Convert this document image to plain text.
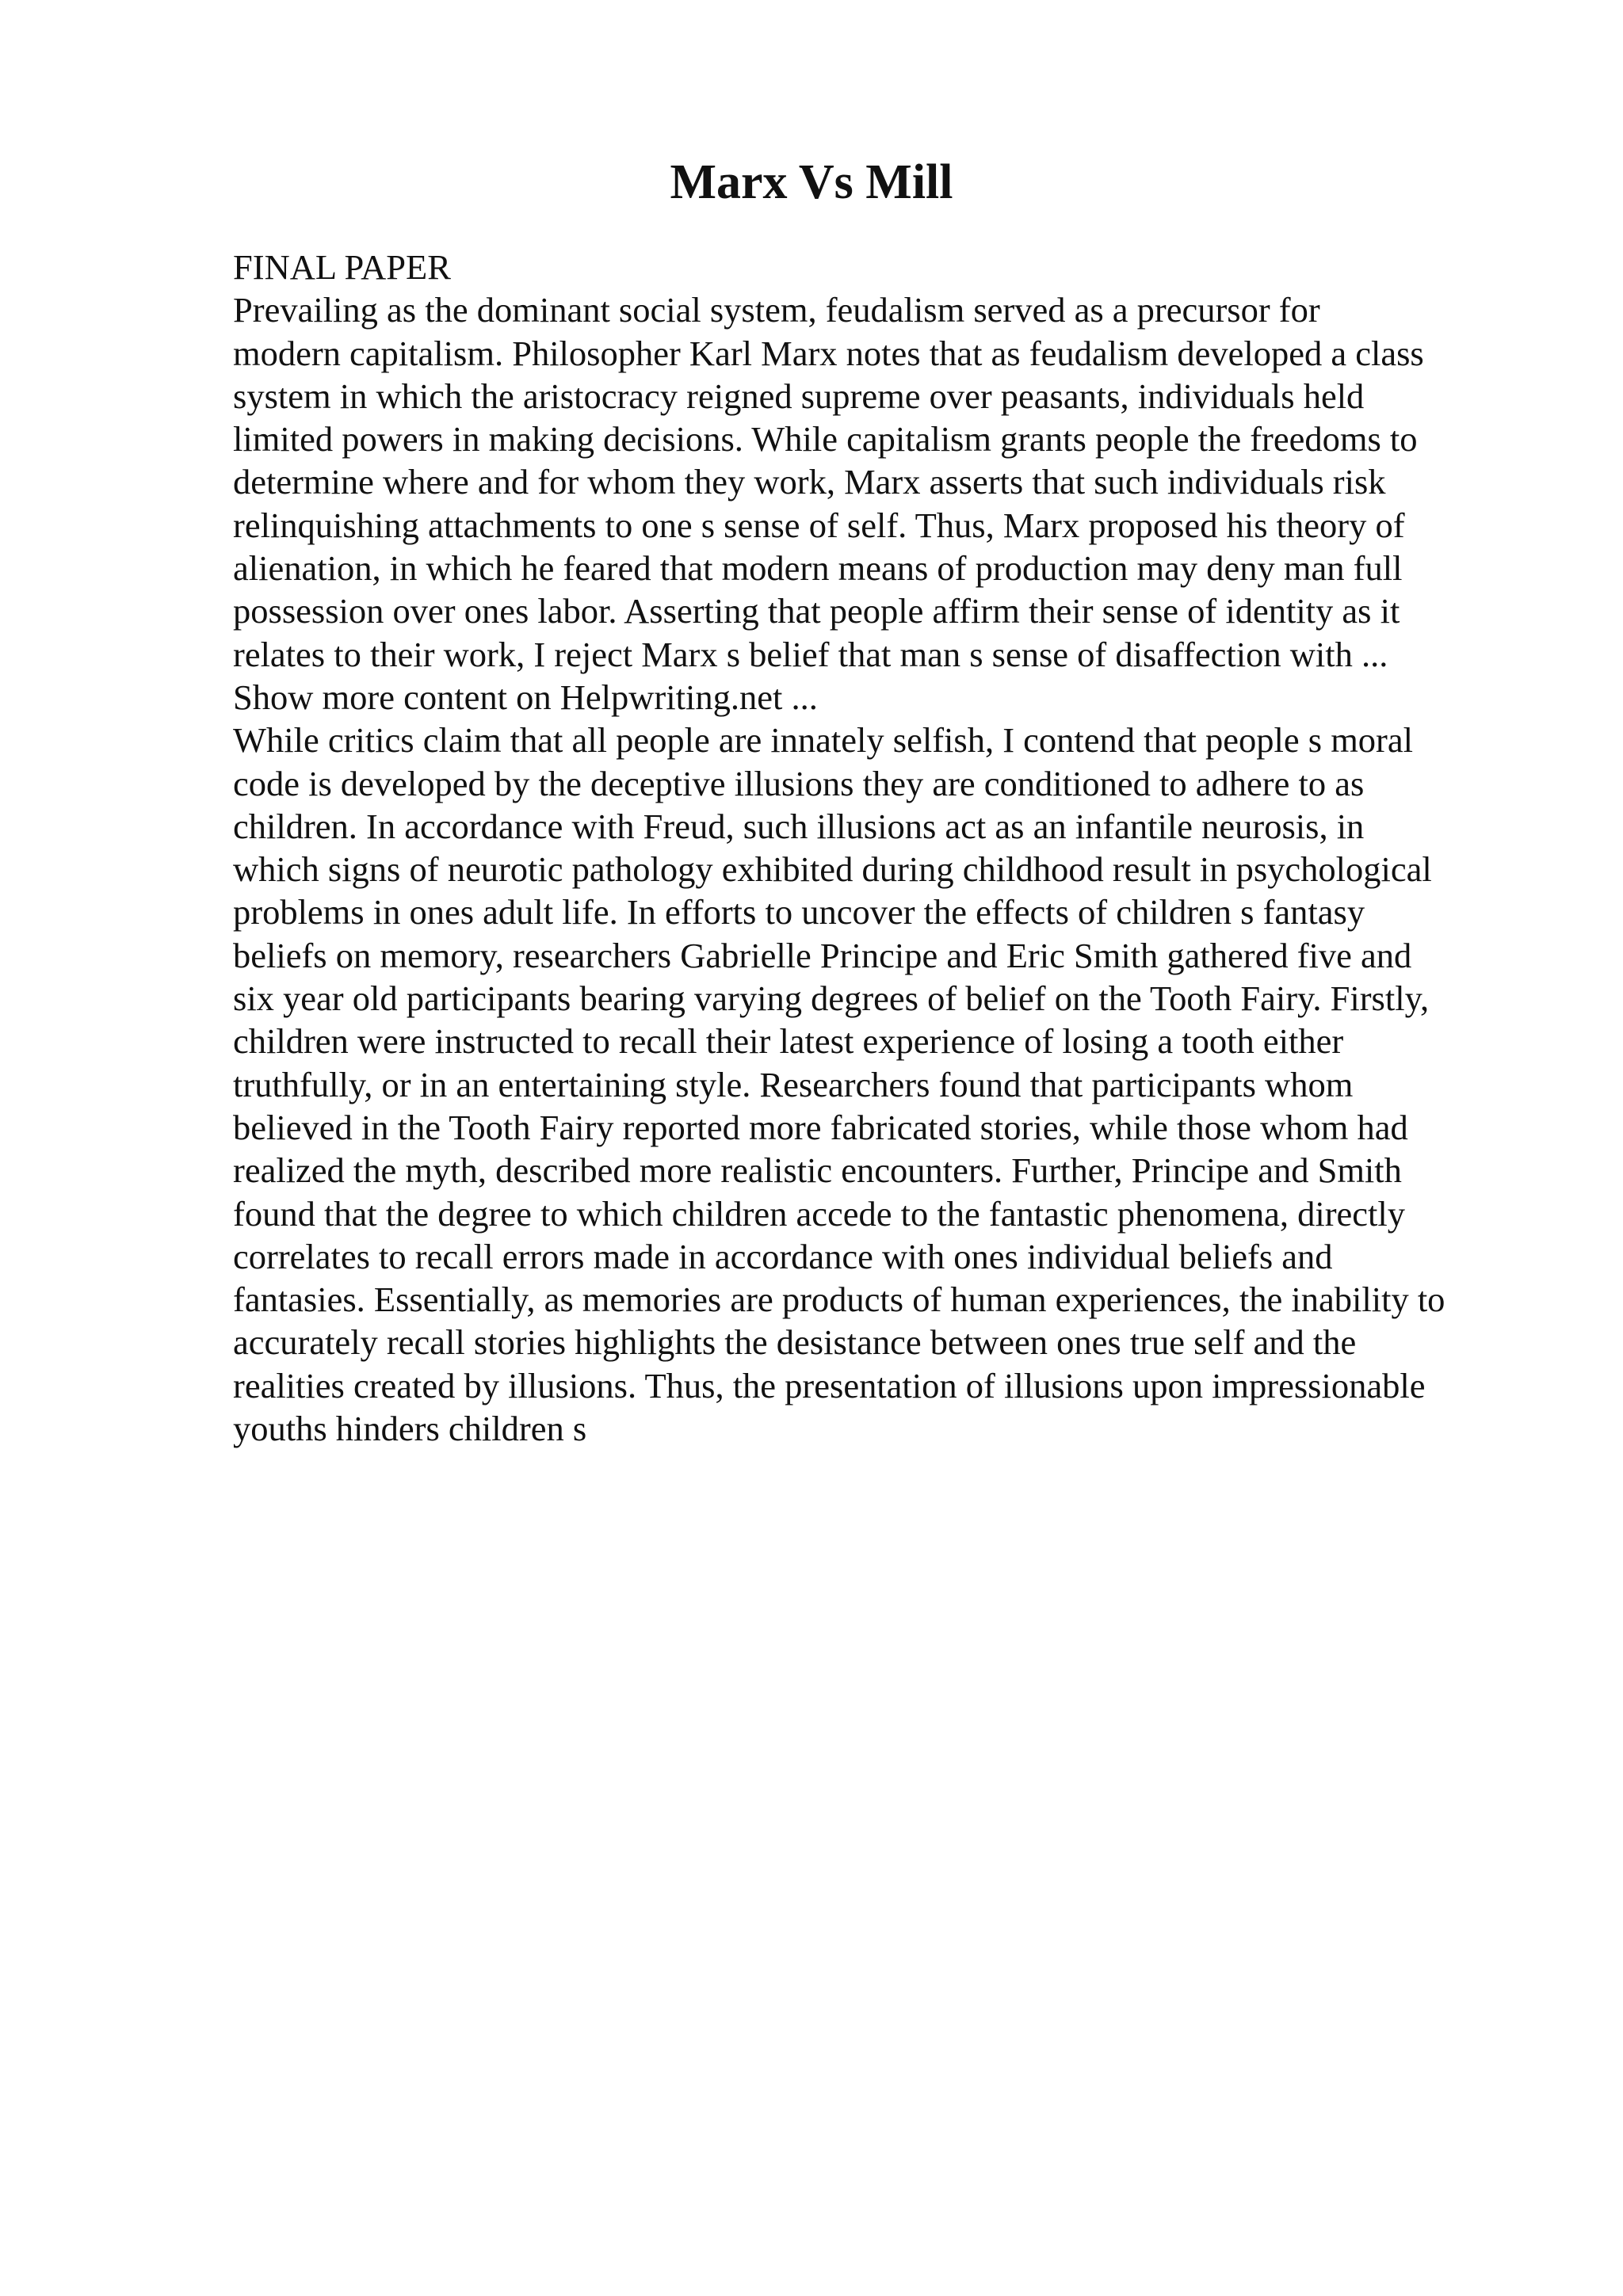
Marx Vs Mill
FINAL PAPER
Prevailing as the dominant social system, feudalism served as a precursor for
modern capitalism. Philosopher Karl Marx notes that as feudalism developed a class
system in which the aristocracy reigned supreme over peasants, individuals held
limited powers in making decisions. While capitalism grants people the freedoms to
determine where and for whom they work, Marx asserts that such individuals risk
relinquishing attachments to one s sense of self. Thus, Marx proposed his theory of
alienation, in which he feared that modern means of production may deny man full
possession over ones labor. Asserting that people affirm their sense of identity as it
relates to their work, I reject Marx s belief that man s sense of disaffection with ...
Show more content on Helpwriting.net ...
While critics claim that all people are innately selfish, I contend that people s moral
code is developed by the deceptive illusions they are conditioned to adhere to as
children. In accordance with Freud, such illusions act as an infantile neurosis, in
which signs of neurotic pathology exhibited during childhood result in psychological
problems in ones adult life. In efforts to uncover the effects of children s fantasy
beliefs on memory, researchers Gabrielle Principe and Eric Smith gathered five and
six year old participants bearing varying degrees of belief on the Tooth Fairy. Firstly,
children were instructed to recall their latest experience of losing a tooth either
truthfully, or in an entertaining style. Researchers found that participants whom
believed in the Tooth Fairy reported more fabricated stories, while those whom had
realized the myth, described more realistic encounters. Further, Principe and Smith
found that the degree to which children accede to the fantastic phenomena, directly
correlates to recall errors made in accordance with ones individual beliefs and
fantasies. Essentially, as memories are products of human experiences, the inability to
accurately recall stories highlights the desistance between ones true self and the
realities created by illusions. Thus, the presentation of illusions upon impressionable
youths hinders children s
